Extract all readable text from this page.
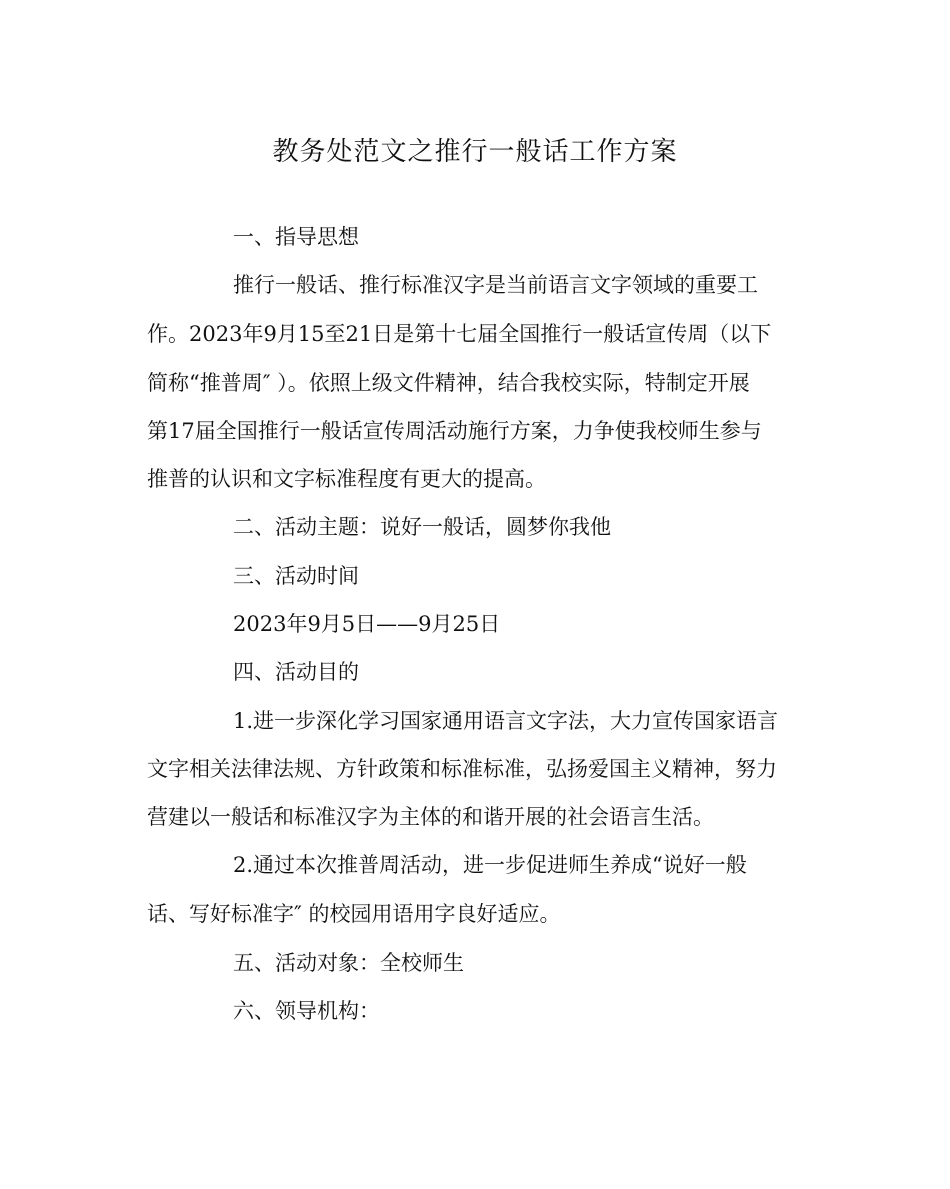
教务处范文之推行一般话工作方案
一、指导思想
推行一般话、推行标准汉字是当前语言文字领域的重要工
作。2023年9月15至21日是第十七届全国推行一般话宣传周（以下
简称“推普周″ ）。依照上级文件精神，结合我校实际，特制定开展
第17届全国推行一般话宣传周活动施行方案，力争使我校师生参与
推普的认识和文字标准程度有更大的提高。
二、活动主题：说好一般话，圆梦你我他
三、活动时间
2023年9月5日——9月25日
四、活动目的
1.进一步深化学习国家通用语言文字法，大力宣传国家语言
文字相关法律法规、方针政策和标准标准，弘扬爱国主义精神，努力
营建以一般话和标准汉字为主体的和谐开展的社会语言生活。
2.通过本次推普周活动，进一步促进师生养成“说好一般
话、写好标准字″ 的校园用语用字良好适应。
五、活动对象：全校师生
六、领导机构：
